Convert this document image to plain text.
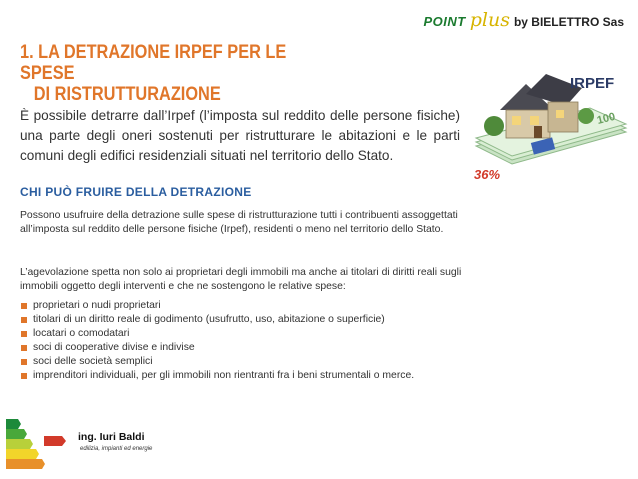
POINT plus by BIELETTRO Sas
1. LA DETRAZIONE IRPEF PER LE SPESE
DI RISTRUTTURAZIONE

È possibile detrarre dall’Irpef (l’imposta sul reddito delle persone fisiche) una parte degli oneri sostenuti per ristrutturare le abitazioni e le parti comuni degli edifici residenziali situati nel territorio dello Stato.

100
IRPEF
36%
CHI PUÒ FRUIRE DELLA DETRAZIONE

Possono usufruire della detrazione sulle spese di ristrutturazione tutti i contribuenti assoggettati all’imposta sul reddito delle persone fisiche (Irpef), residenti o meno nel territorio dello Stato.

L’agevolazione spetta non solo ai proprietari degli immobili ma anche ai titolari di diritti reali sugli immobili oggetto degli interventi e che ne sostengono le relative spese:

proprietari o nudi proprietari
titolari di un diritto reale di godimento (usufrutto, uso, abitazione o superficie)
locatari o comodatari
soci di cooperative divise e indivise
soci delle società semplici
imprenditori individuali, per gli immobili non rientranti fra i beni strumentali o merce.

ing. Iuri Baldi

edilizia, impianti ed energie
